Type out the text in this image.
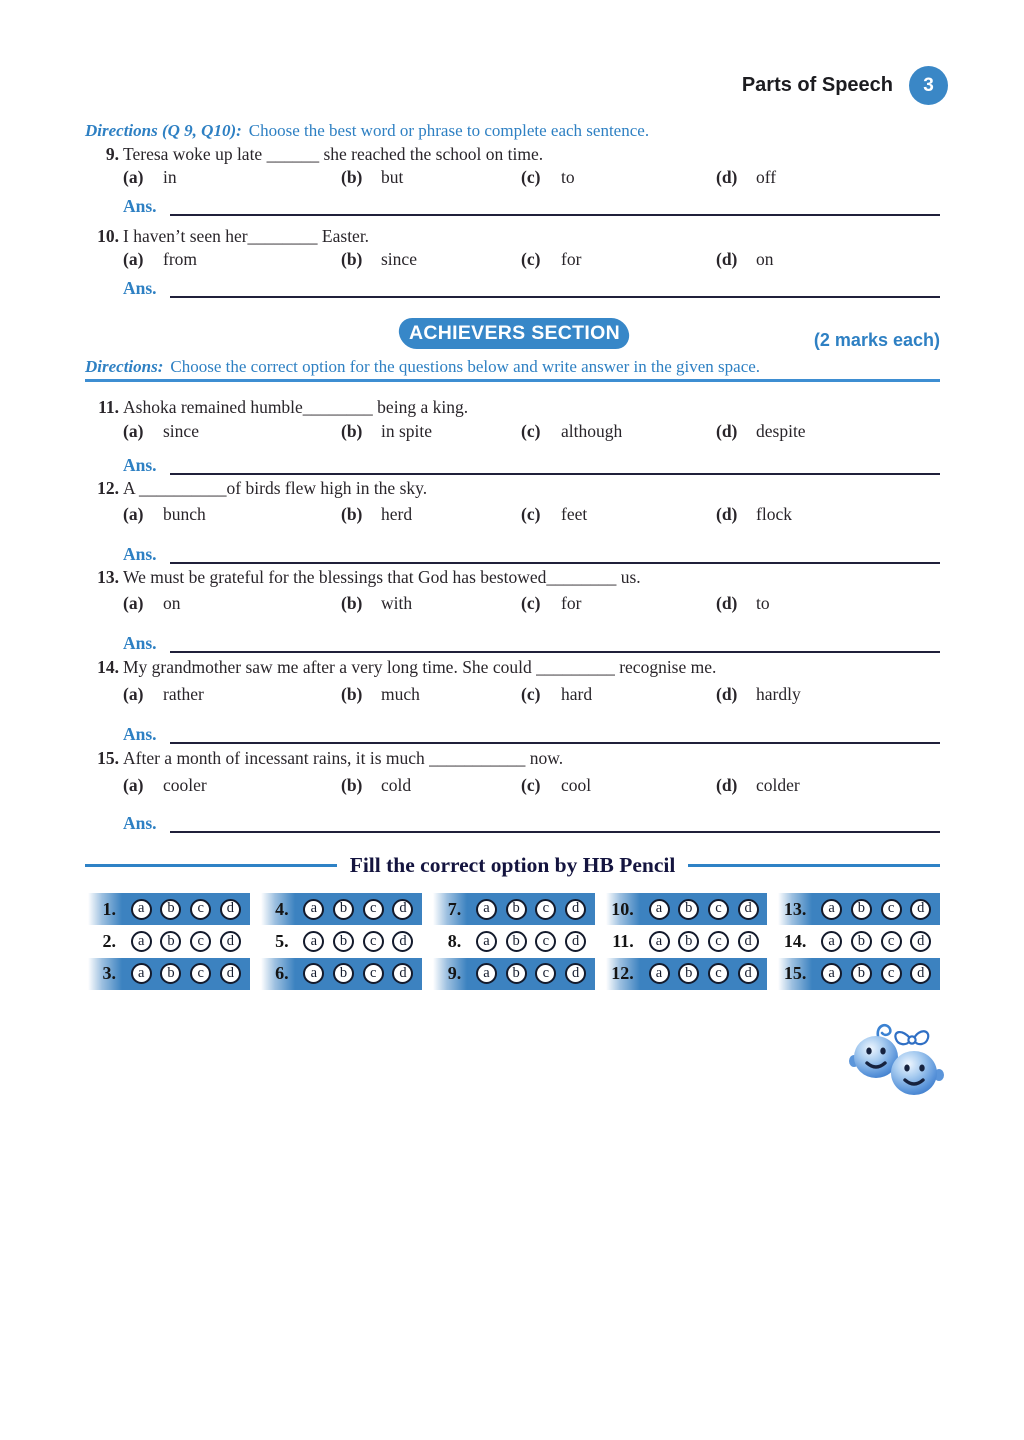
Parts of Speech	3
Directions (Q 9, Q10): Choose the best word or phrase to complete each sentence.
9. Teresa woke up late ______ she reached the school on time.
(a) in	(b) but	(c) to	(d) off
Ans.
10. I haven’t seen her________ Easter.
(a) from	(b) since	(c) for	(d) on
Ans.
ACHIEVERS SECTION	(2 marks each)
Directions: Choose the correct option for the questions below and write answer in the given space.
11. Ashoka remained humble________ being a king.
(a) since	(b) in spite	(c) although	(d) despite
Ans.
12. A __________of birds flew high in the sky.
(a) bunch	(b) herd	(c) feet	(d) flock
Ans.
13. We must be grateful for the blessings that God has bestowed________ us.
(a) on	(b) with	(c) for	(d) to
Ans.
14. My grandmother saw me after a very long time. She could _________ recognise me.
(a) rather	(b) much	(c) hard	(d) hardly
Ans.
15. After a month of incessant rains, it is much ___________ now.
(a) cooler	(b) cold	(c) cool	(d) colder
Ans.
Fill the correct option by HB Pencil
1.	a	b	c	d
2.	a	b	c	d
3.	a	b	c	d
4.	a	b	c	d
5.	a	b	c	d
6.	a	b	c	d
7.	a	b	c	d
8.	a	b	c	d
9.	a	b	c	d
10.	a	b	c	d
11.	a	b	c	d
12.	a	b	c	d
13.	a	b	c	d
14.	a	b	c	d
15.	a	b	c	d
